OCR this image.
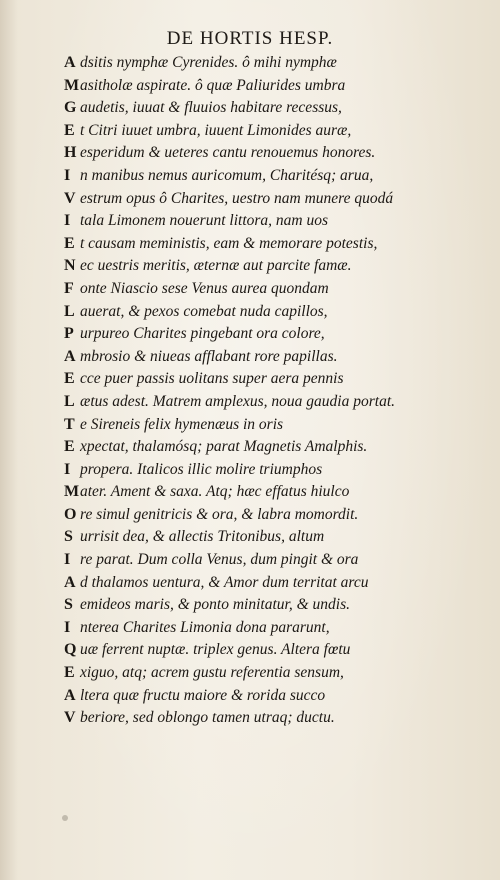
DE HORTIS HESP.
A dsitis nymphæ Cyrenides. ô mihi nymphæ
Masitholæ aspirate. ô quæ Paliurides umbra
G audetis, iuuat & fluuios habitare recessus,
E t Citri iuuet umbra, iuuent Limonides auræ,
H esperidum & ueteres cantu renouemus honores.
I n manibus nemus auricomum, Charitésq; arua,
V estrum opus ô Charites, uestro nam munere quodá
I tala Limonem nouerunt littora, nam uos
E t causam meministis, eam & memorare potestis,
N ec uestris meritis, æternæ aut parcite famæ.
F onte Niascio sese Venus aurea quondam
L auerat, & pexos comebat nuda capillos,
P urpureo Charites pingebant ora colore,
A mbrosio & niueas afflabant rore papillas.
E cce puer passis uolitans super aera pennis
L ætus adest. Matrem amplexus, noua gaudia portat.
T e Sireneis felix hymenæus in oris
E xpectat, thalamósq; parat Magnetis Amalphis.
I propera. Italicos illic molire triumphos
Mater. Ament & saxa. Atq; hæc effatus hiulco
O re simul genitricis & ora, & labra momordit.
S urrisit dea, & allectis Tritonibus, altum
I re parat. Dum colla Venus, dum pingit & ora
A d thalamos uentura, & Amor dum territat arcu
S emideos maris, & ponto minitatur, & undis.
I nterea Charites Limonia dona pararunt,
Q uæ ferrent nuptæ. triplex genus. Altera fœtu
E xiguo, atq; acrem gustu referentia sensum,
A ltera quæ fructu maiore & rorida succo
V beriore, sed oblongo tamen utraq; ductu.
